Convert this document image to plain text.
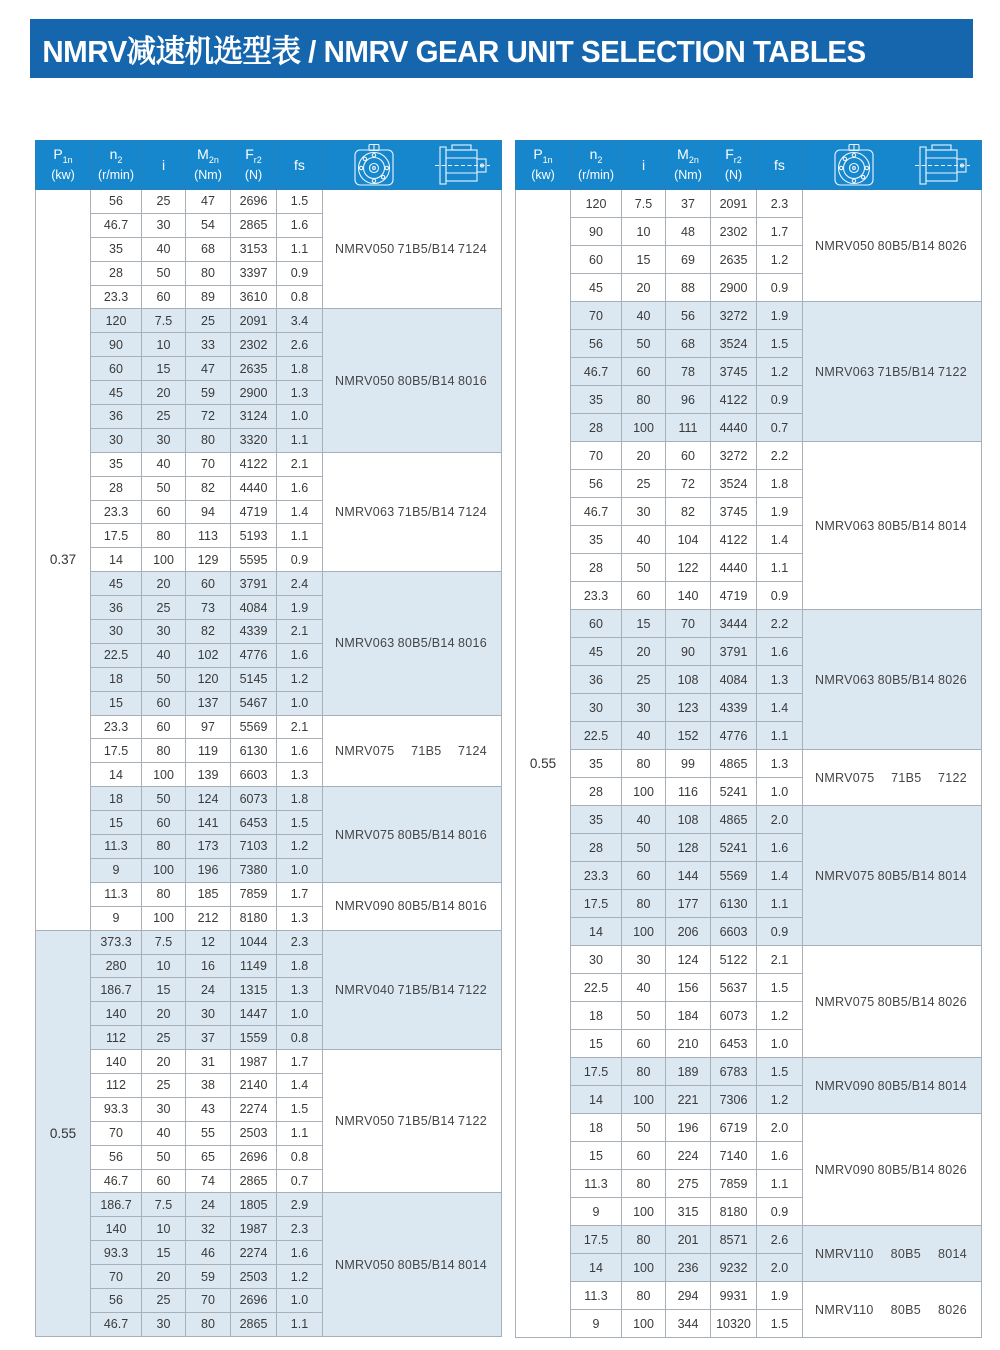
NMRV减速机选型表 / NMRV GEAR UNIT SELECTION TABLES
$P_{1n}$
(kw)

$n_2$
(r/min)

i

$M_{2n}$
(Nm)

$F_{r2}$
(N)

fs

0.37	56	25	47	2696	1.5	NMRV050 71B5/B14 7124

	46.7	30	54	2865	1.6	
	35	40	68	3153	1.1	
	28	50	80	3397	0.9	
	23.3	60	89	3610	0.8	
	120	7.5	25	2091	3.4	NMRV050 80B5/B14 8016

	90	10	33	2302	2.6	
	60	15	47	2635	1.8	
	45	20	59	2900	1.3	
	36	25	72	3124	1.0	
	30	30	80	3320	1.1	
	35	40	70	4122	2.1	NMRV063 71B5/B14 7124

	28	50	82	4440	1.6	
	23.3	60	94	4719	1.4	
	17.5	80	113	5193	1.1	
	14	100	129	5595	0.9	
	45	20	60	3791	2.4	NMRV063 80B5/B14 8016

	36	25	73	4084	1.9	
	30	30	82	4339	2.1	
	22.5	40	102	4776	1.6	
	18	50	120	5145	1.2	
	15	60	137	5467	1.0	
	23.3	60	97	5569	2.1	NMRV075 71B5 7124

	17.5	80	119	6130	1.6	
	14	100	139	6603	1.3	
	18	50	124	6073	1.8	NMRV075 80B5/B14 8016

	15	60	141	6453	1.5	
	11.3	80	173	7103	1.2	
	9	100	196	7380	1.0	
	11.3	80	185	7859	1.7	NMRV090 80B5/B14 8016

	9	100	212	8180	1.3	
0.55	373.3	7.5	12	1044	2.3	NMRV040 71B5/B14 7122

	280	10	16	1149	1.8	
	186.7	15	24	1315	1.3	
	140	20	30	1447	1.0	
	112	25	37	1559	0.8	
	140	20	31	1987	1.7	NMRV050 71B5/B14 7122

	112	25	38	2140	1.4	
	93.3	30	43	2274	1.5	
	70	40	55	2503	1.1	
	56	50	65	2696	0.8	
	46.7	60	74	2865	0.7	
	186.7	7.5	24	1805	2.9	NMRV050 80B5/B14 8014

	140	10	32	1987	2.3	
	93.3	15	46	2274	1.6	
	70	20	59	2503	1.2	
	56	25	70	2696	1.0	
	46.7	30	80	2865	1.1	
$P_{1n}$
(kw)

$n_2$
(r/min)

i

$M_{2n}$
(Nm)

$F_{r2}$
(N)

fs

0.55	120	7.5	37	2091	2.3	NMRV050 80B5/B14 8026

	90	10	48	2302	1.7	
	60	15	69	2635	1.2	
	45	20	88	2900	0.9	
	70	40	56	3272	1.9	NMRV063 71B5/B14 7122

	56	50	68	3524	1.5	
	46.7	60	78	3745	1.2	
	35	80	96	4122	0.9	
	28	100	111	4440	0.7	
	70	20	60	3272	2.2	NMRV063 80B5/B14 8014

	56	25	72	3524	1.8	
	46.7	30	82	3745	1.9	
	35	40	104	4122	1.4	
	28	50	122	4440	1.1	
	23.3	60	140	4719	0.9	
	60	15	70	3444	2.2	NMRV063 80B5/B14 8026

	45	20	90	3791	1.6	
	36	25	108	4084	1.3	
	30	30	123	4339	1.4	
	22.5	40	152	4776	1.1	
	35	80	99	4865	1.3	NMRV075 71B5 7122

	28	100	116	5241	1.0	
	35	40	108	4865	2.0	NMRV075 80B5/B14 8014

	28	50	128	5241	1.6	
	23.3	60	144	5569	1.4	
	17.5	80	177	6130	1.1	
	14	100	206	6603	0.9	
	30	30	124	5122	2.1	NMRV075 80B5/B14 8026

	22.5	40	156	5637	1.5	
	18	50	184	6073	1.2	
	15	60	210	6453	1.0	
	17.5	80	189	6783	1.5	NMRV090 80B5/B14 8014

	14	100	221	7306	1.2	
	18	50	196	6719	2.0	NMRV090 80B5/B14 8026

	15	60	224	7140	1.6	
	11.3	80	275	7859	1.1	
	9	100	315	8180	0.9	
	17.5	80	201	8571	2.6	NMRV110 80B5 8014

	14	100	236	9232	2.0	
	11.3	80	294	9931	1.9	NMRV110 80B5 8026

	9	100	344	10320	1.5	
